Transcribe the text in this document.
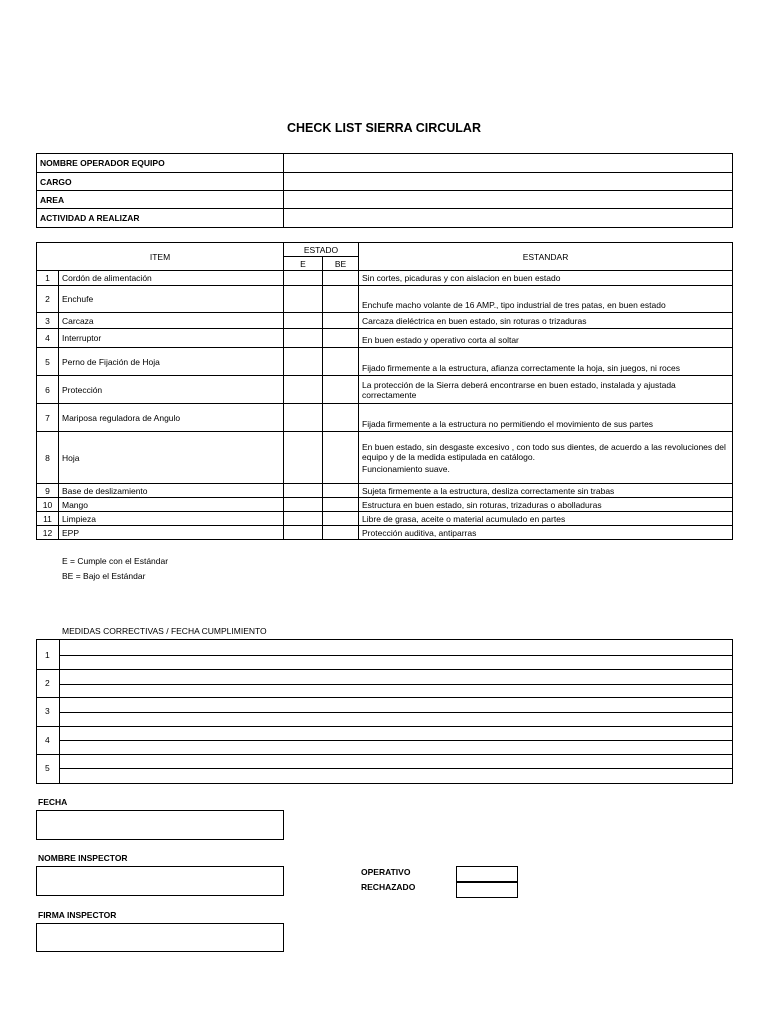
CHECK LIST SIERRA CIRCULAR
NOMBRE OPERADOR EQUIPO	
CARGO	
AREA	
ACTIVIDAD A REALIZAR	
ITEM		ESTADO		ESTANDAR
		E	BE	
1	Cordón de alimentación			Sin cortes, picaduras y con aislacion en buen estado
2	Enchufe			Enchufe macho volante de 16 AMP., tipo industrial de tres patas, en buen estado
3	Carcaza			Carcaza dieléctrica en buen estado, sin roturas o trizaduras
4	Interruptor			En buen estado y operativo corta al soltar
5	Perno de Fijación de Hoja			Fijado firmemente a la estructura, afianza correctamente la hoja, sin juegos, ni roces
6	Protección			La protección de la Sierra deberá encontrarse en buen estado, instalada y ajustada correctamente
7	Mariposa reguladora de Angulo			Fijada firmemente a la estructura no permitiendo el movimiento de sus partes
8	Hoja			En buen estado, sin desgaste excesivo , con todo sus dientes, de acuerdo a las revoluciones del equipo y de la medida estipulada en catálogo.
Funcionamiento suave.

9	Base de deslizamiento			Sujeta firmemente a la estructura, desliza correctamente sin trabas
10	Mango			Estructura en buen estado, sin roturas, trizaduras o abolladuras
11	Limpieza			Libre de grasa, aceite o material acumulado en partes
12	EPP			Protección auditiva, antiparras
E = Cumple con el Estándar
BE = Bajo el Estándar
MEDIDAS CORRECTIVAS / FECHA CUMPLIMIENTO
1
2
3
4
5
FECHA
NOMBRE INSPECTOR
FIRMA INSPECTOR
OPERATIVO
RECHAZADO
